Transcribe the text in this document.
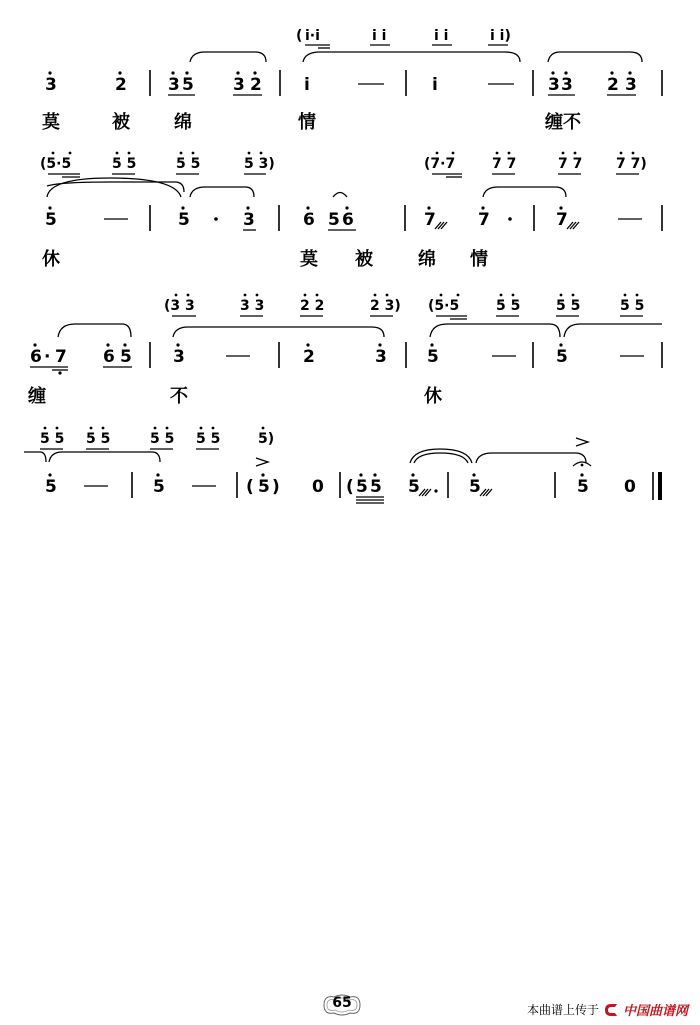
( i·i	i i	i i	i i)
3	2 3 5 3 2 i	i	3 3 2 3
(5·5	5 5	5 5	5 3)	(7·7	7 7	7 7 7 7)
5	5	3	6 5 6	7 7	7
(3 3	3 3	2 2	2 3) (5·5	5 5	5 5	5 5
6 · 7 6 5 3	2	3 5	5
5 5 5 5	5 5 5 5	5)
5	5	( 5 ) 0 ( 5 5 5	5	5 0
莫	被 绵	情	缠不
休	莫 被	绵 情
缠	不	休
65	本曲谱上传于 中国曲谱网
